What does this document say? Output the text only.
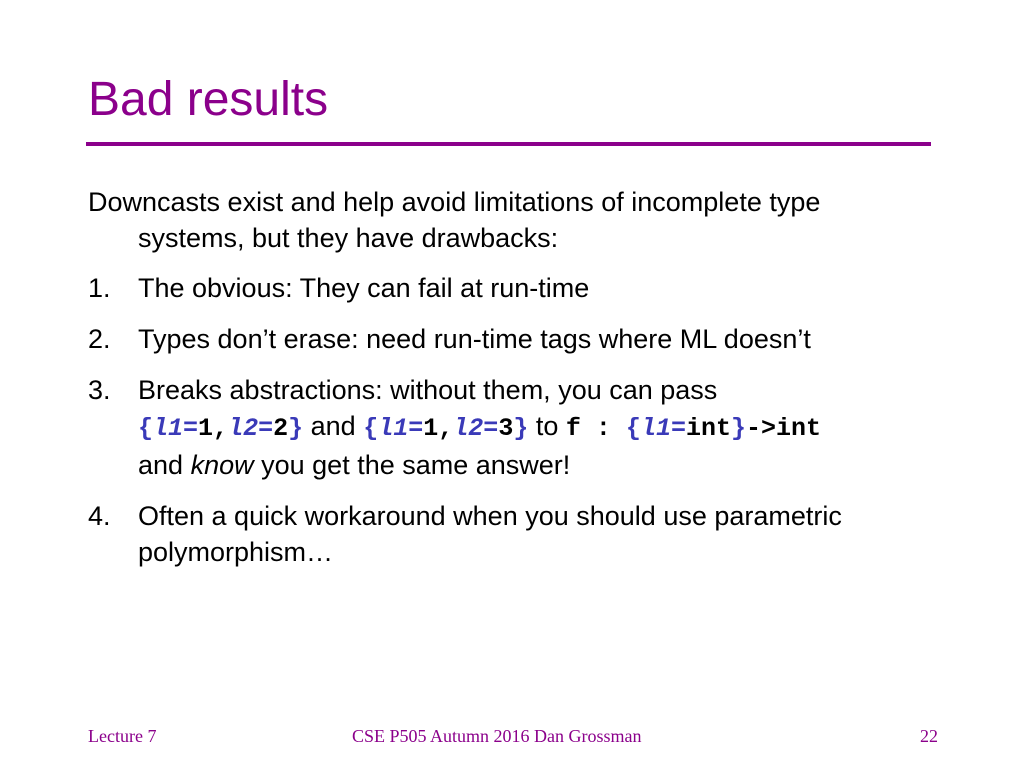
Bad results

Downcasts exist and help avoid limitations of incomplete type
systems, but they have drawbacks:

1. The obvious: They can fail at run-time

2. Types don’t erase: need run-time tags where ML doesn’t

3. Breaks abstractions: without them, you can pass
{l1=1,l2=2} and {l1=1,l2=3} to f : {l1=int}->int
and know you get the same answer!

4. Often a quick workaround when you should use parametric
polymorphism…

Lecture 7	CSE P505 Autumn 2016 Dan Grossman	22
